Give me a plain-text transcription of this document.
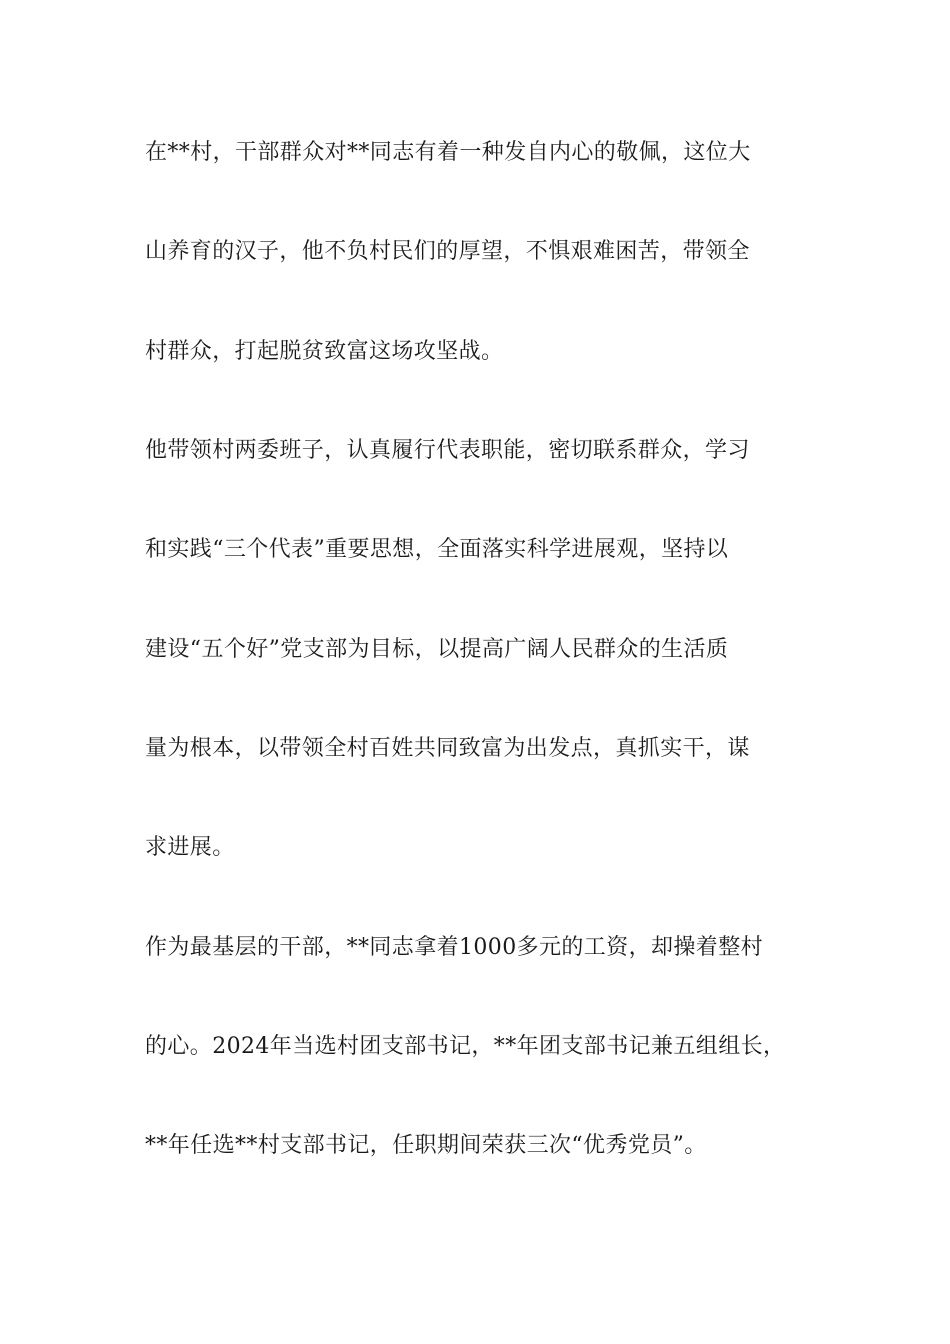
在**村，干部群众对**同志有着一种发自内心的敬佩，这位大
山养育的汉子，他不负村民们的厚望，不惧艰难困苦，带领全
村群众，打起脱贫致富这场攻坚战。
他带领村两委班子，认真履行代表职能，密切联系群众，学习
和实践“三个代表”重要思想，全面落实科学进展观，坚持以
建设“五个好”党支部为目标，以提高广阔人民群众的生活质
量为根本，以带领全村百姓共同致富为出发点，真抓实干，谋
求进展。
作为最基层的干部，**同志拿着1000多元的工资，却操着整村
的心。2024年当选村团支部书记，**年团支部书记兼五组组长，
**年任选**村支部书记，任职期间荣获三次“优秀党员”。
